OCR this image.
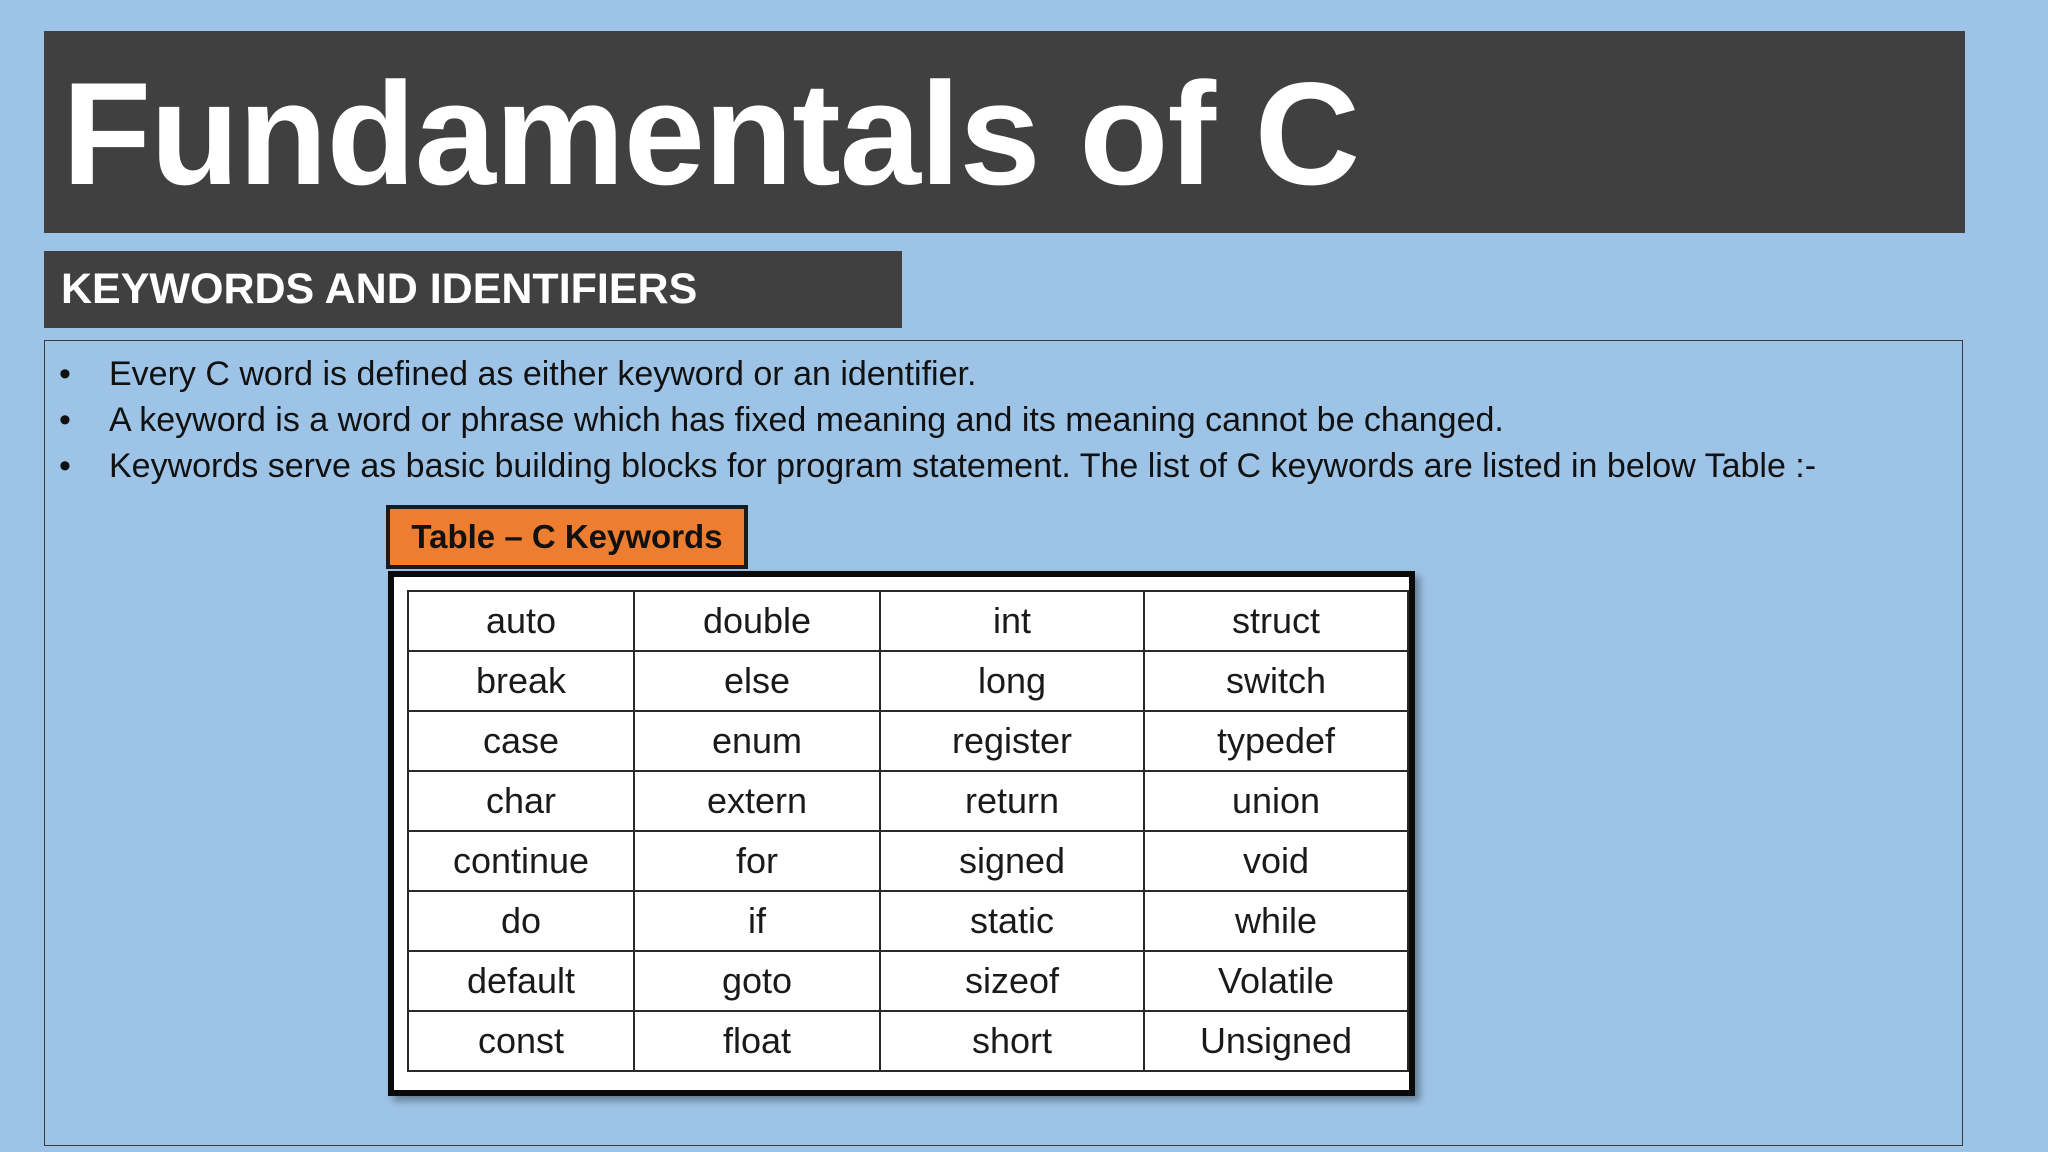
Fundamentals of C
KEYWORDS AND IDENTIFIERS
•	Every C word is defined as either keyword or an identifier.
•	A keyword is a word or phrase which has fixed meaning and its meaning cannot be changed.
•	Keywords serve as basic building blocks for program statement. The list of C keywords are listed in below Table :-
Table – C Keywords
auto	double	int	struct
break	else	long	switch
case	enum	register	typedef
char	extern	return	union
continue	for	signed	void
do	if	static	while
default	goto	sizeof	Volatile
const	float	short	Unsigned
